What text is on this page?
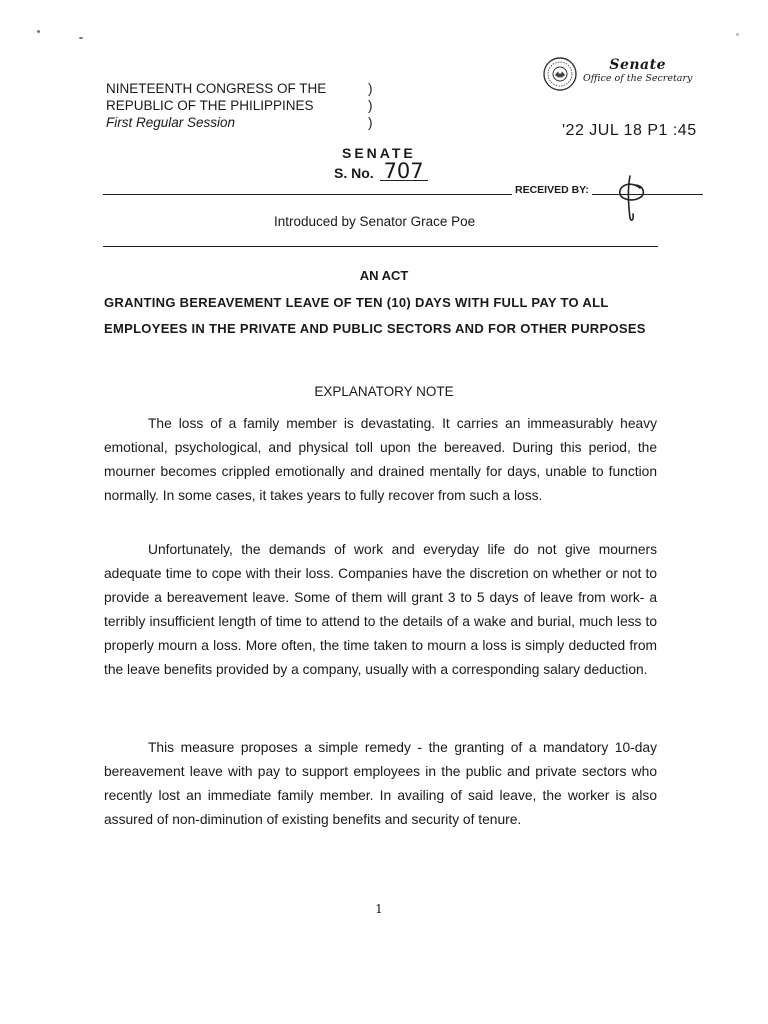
NINETEENTH CONGRESS OF THE
REPUBLIC OF THE PHILIPPINES
First Regular Session
)
)
)
Senate
Office of the Secretary
'22 JUL 18 P1 :45
SENATE
S. No. 707
RECEIVED BY:
Introduced by Senator Grace Poe
AN ACT
GRANTING BEREAVEMENT LEAVE OF TEN (10) DAYS WITH FULL PAY TO ALL EMPLOYEES IN THE PRIVATE AND PUBLIC SECTORS AND FOR OTHER PURPOSES
EXPLANATORY NOTE
The loss of a family member is devastating. It carries an immeasurably heavy emotional, psychological, and physical toll upon the bereaved. During this period, the mourner becomes crippled emotionally and drained mentally for days, unable to function normally. In some cases, it takes years to fully recover from such a loss.
Unfortunately, the demands of work and everyday life do not give mourners adequate time to cope with their loss. Companies have the discretion on whether or not to provide a bereavement leave. Some of them will grant 3 to 5 days of leave from work- a terribly insufficient length of time to attend to the details of a wake and burial, much less to properly mourn a loss. More often, the time taken to mourn a loss is simply deducted from the leave benefits provided by a company, usually with a corresponding salary deduction.
This measure proposes a simple remedy - the granting of a mandatory 10-day bereavement leave with pay to support employees in the public and private sectors who recently lost an immediate family member. In availing of said leave, the worker is also assured of non-diminution of existing benefits and security of tenure.
1
